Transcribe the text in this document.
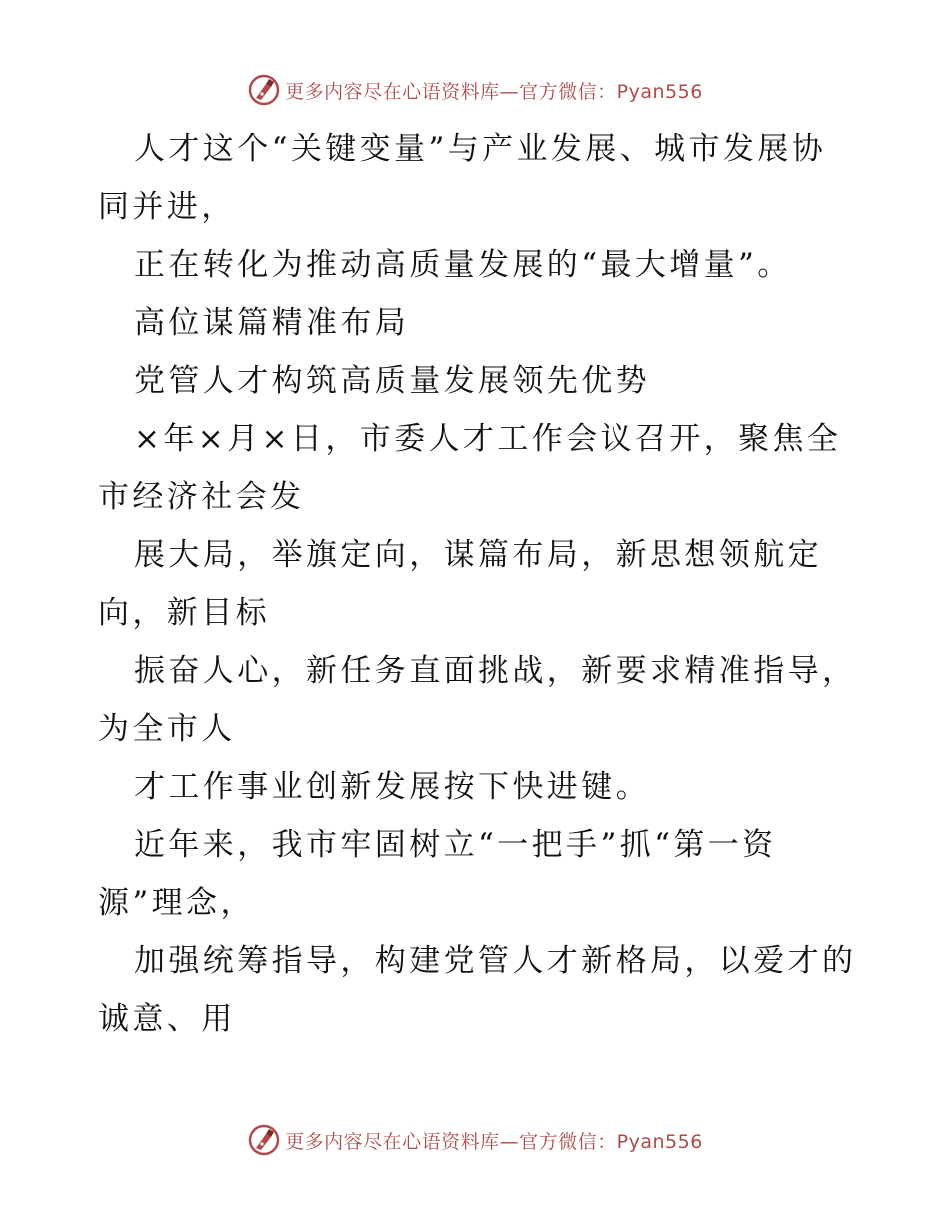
更多内容尽在心语资料库—官方微信：Pyan556
人才这个“关键变量”与产业发展、城市发展协
同并进，
正在转化为推动高质量发展的“最大增量”。
高位谋篇精准布局
党管人才构筑高质量发展领先优势
×年×月×日，市委人才工作会议召开，聚焦全
市经济社会发
展大局，举旗定向，谋篇布局，新思想领航定
向，新目标
振奋人心，新任务直面挑战，新要求精准指导，
为全市人
才工作事业创新发展按下快进键。
近年来，我市牢固树立“一把手”抓“第一资
源”理念，
加强统筹指导，构建党管人才新格局，以爱才的
诚意、用
更多内容尽在心语资料库—官方微信：Pyan556
